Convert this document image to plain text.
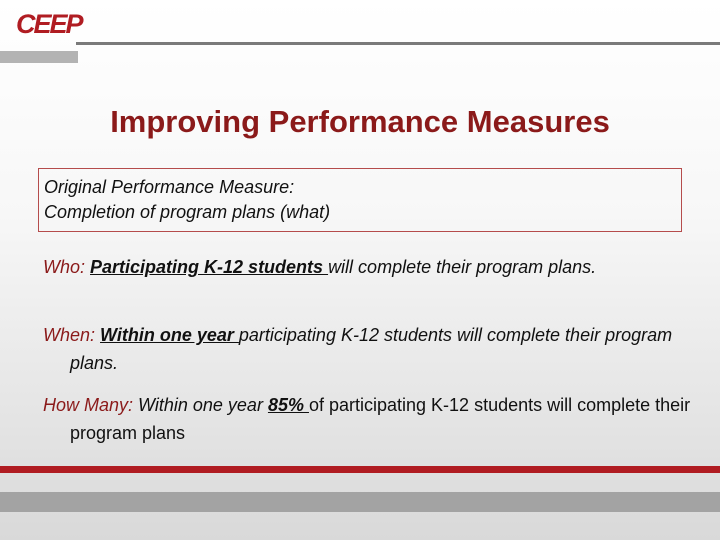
CEEP
Improving Performance Measures
Original Performance Measure:
Completion of program plans (what)
Who: Participating K-12 students will complete their program plans.
When: Within one year participating K-12 students will complete their program plans.
How Many: Within one year 85% of participating K-12 students will complete their program plans
